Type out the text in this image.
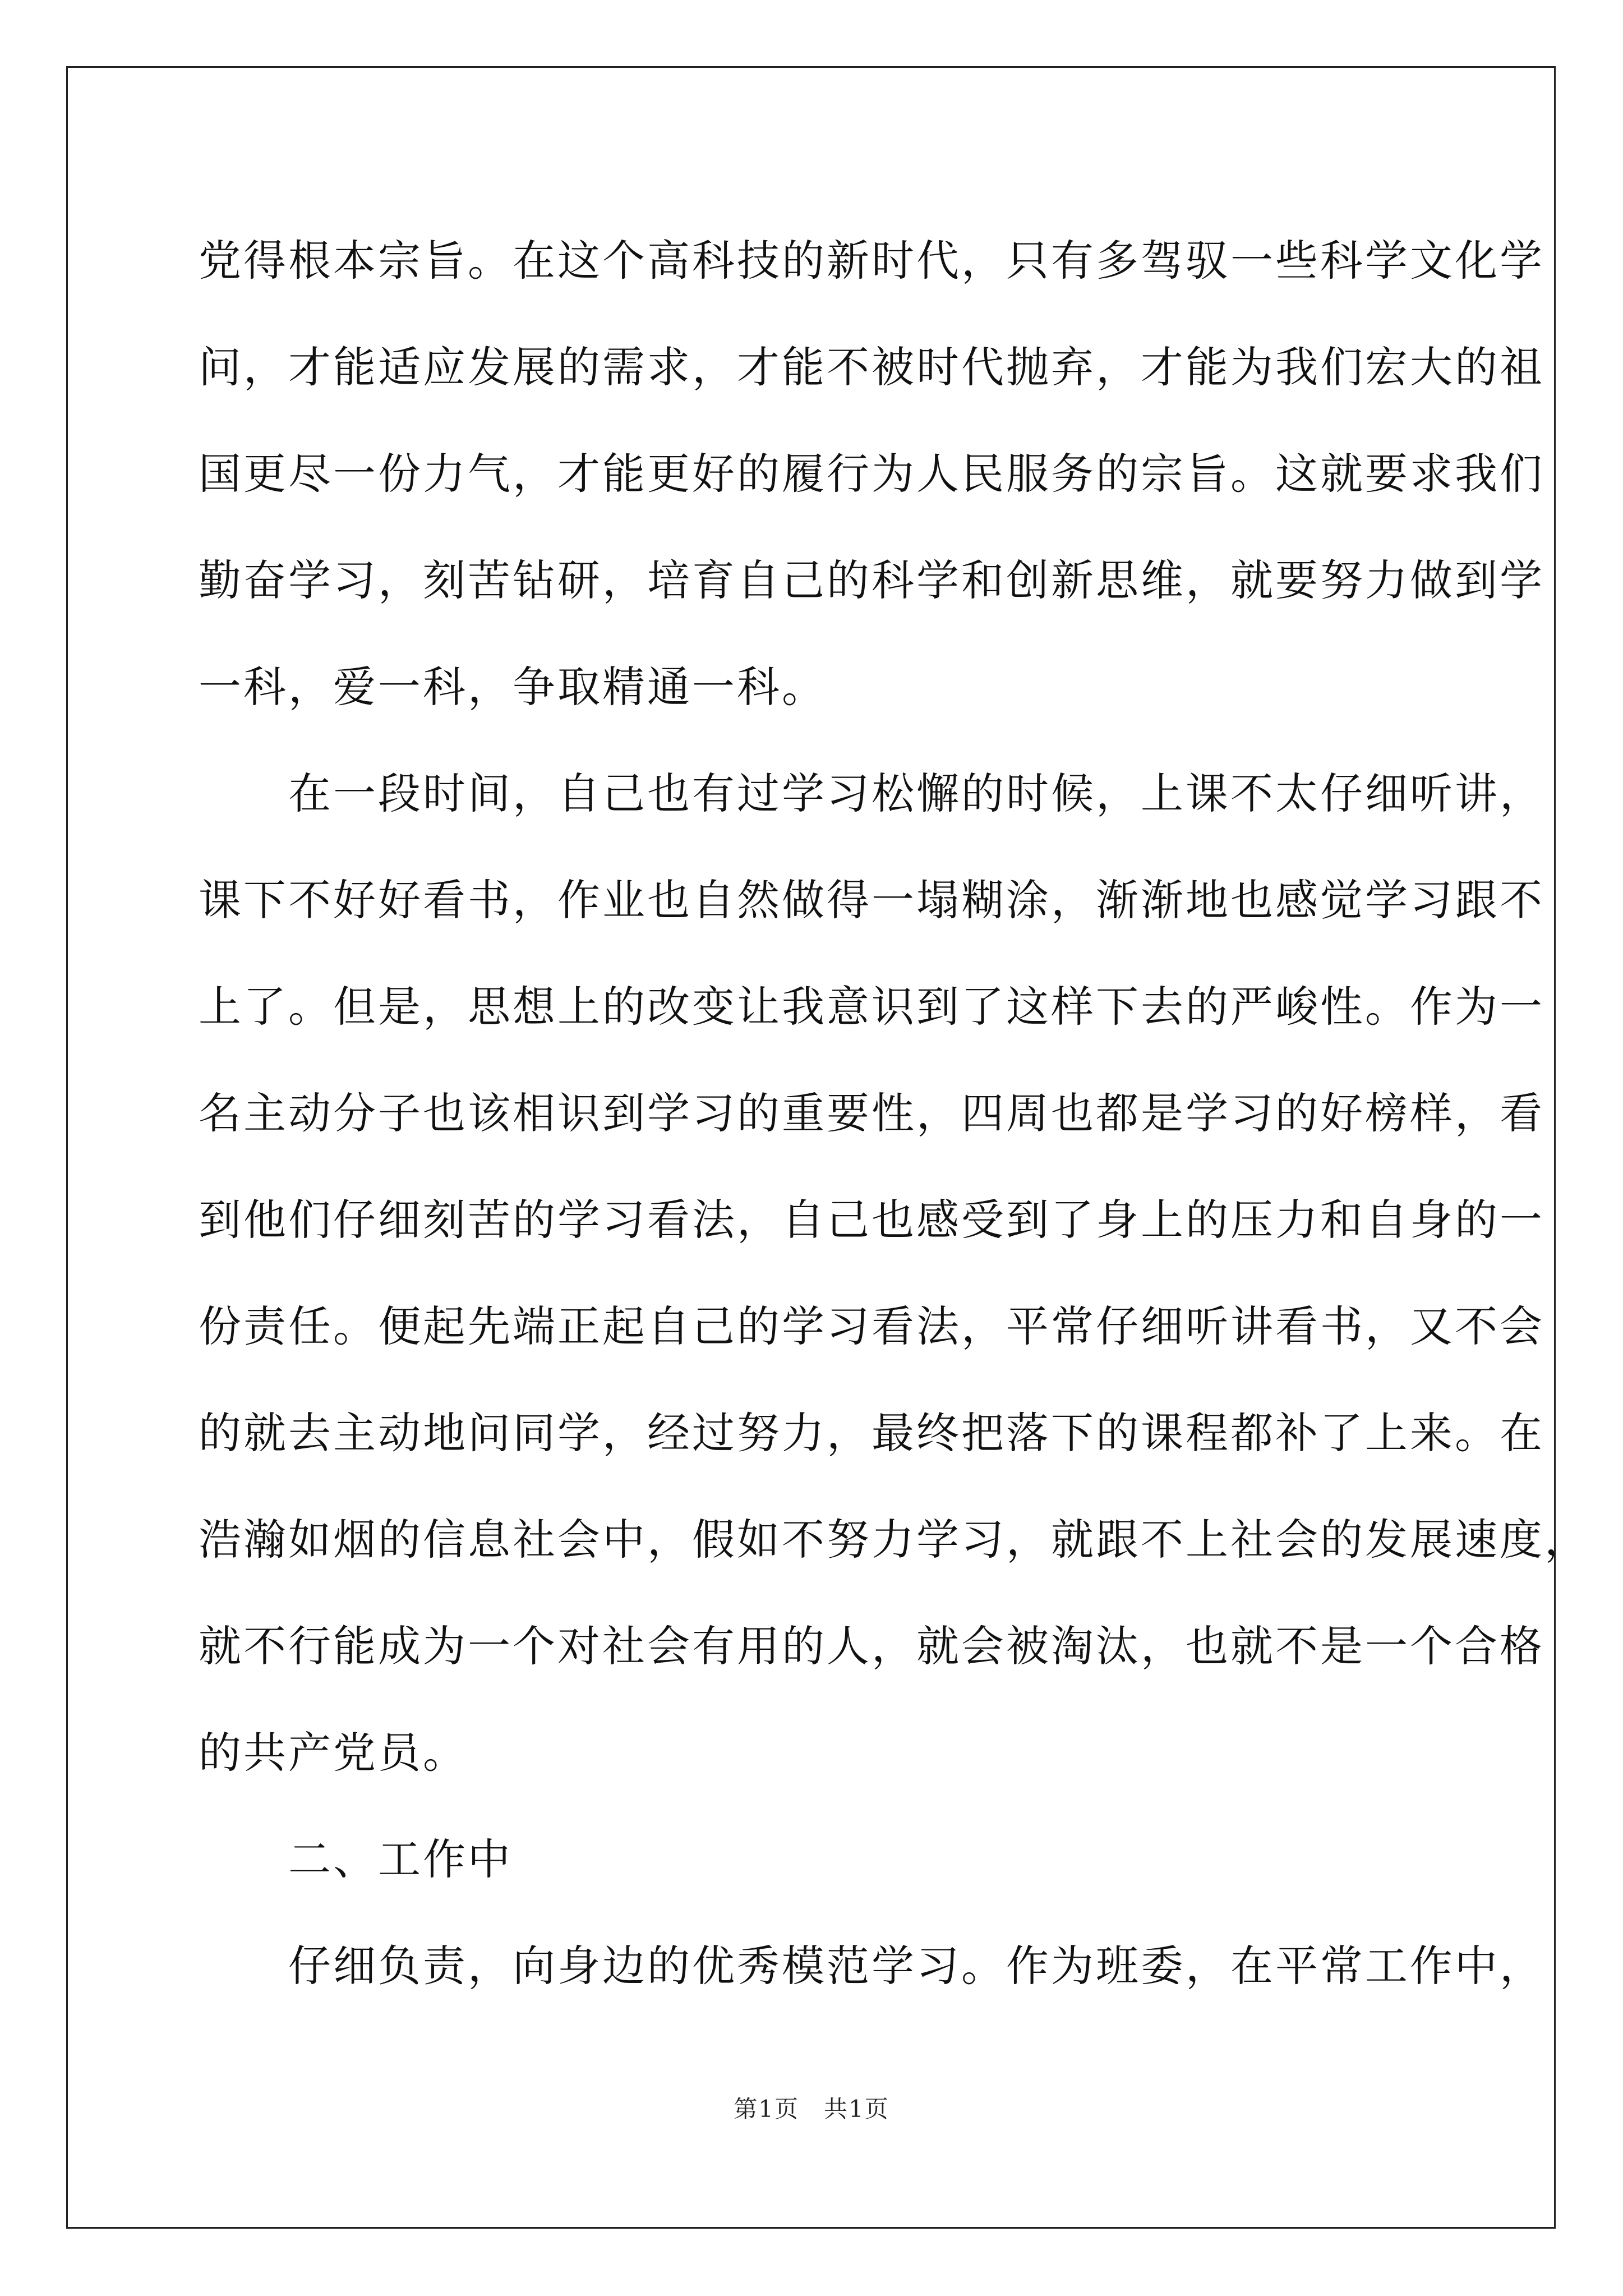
党得根本宗旨。在这个高科技的新时代，只有多驾驭一些科学文化学
问，才能适应发展的需求，才能不被时代抛弃，才能为我们宏大的祖
国更尽一份力气，才能更好的履行为人民服务的宗旨。这就要求我们
勤奋学习，刻苦钻研，培育自己的科学和创新思维，就要努力做到学
一科，爱一科，争取精通一科。
　　在一段时间，自己也有过学习松懈的时候，上课不太仔细听讲，
课下不好好看书，作业也自然做得一塌糊涂，渐渐地也感觉学习跟不
上了。但是，思想上的改变让我意识到了这样下去的严峻性。作为一
名主动分子也该相识到学习的重要性，四周也都是学习的好榜样，看
到他们仔细刻苦的学习看法，自己也感受到了身上的压力和自身的一
份责任。便起先端正起自己的学习看法，平常仔细听讲看书，又不会
的就去主动地问同学，经过努力，最终把落下的课程都补了上来。在
浩瀚如烟的信息社会中，假如不努力学习，就跟不上社会的发展速度，
就不行能成为一个对社会有用的人，就会被淘汰，也就不是一个合格
的共产党员。
　　二、工作中
　　仔细负责，向身边的优秀模范学习。作为班委，在平常工作中，
第1页　共1页
